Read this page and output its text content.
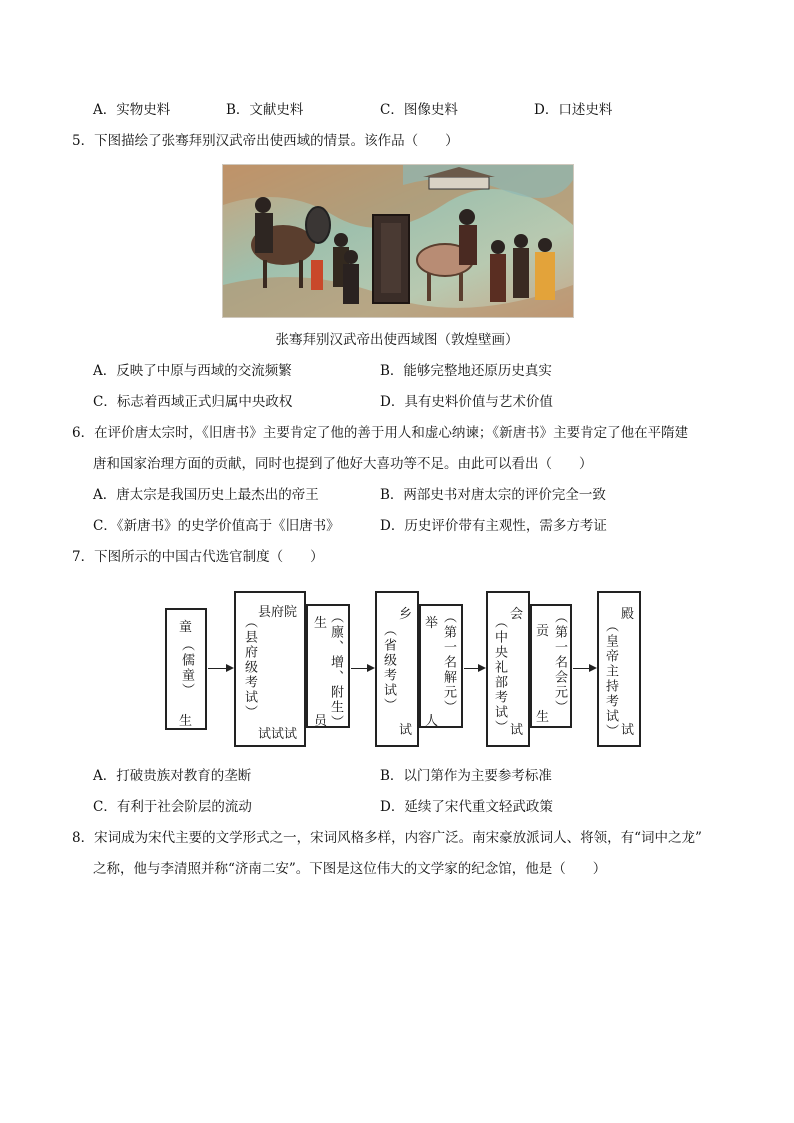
A．实物史料	B．文献史料	C．图像史料	D．口述史料
5．下图描绘了张骞拜别汉武帝出使西域的情景。该作品（　　）
张骞拜别汉武帝出使西域图（敦煌壁画）
A．反映了中原与西域的交流频繁	B．能够完整地还原历史真实
C．标志着西域正式归属中央政权	D．具有史料价值与艺术价值
6．在评价唐太宗时，《旧唐书》主要肯定了他的善于用人和虚心纳谏；《新唐书》主要肯定了他在平隋建
唐和国家治理方面的贡献，同时也提到了他好大喜功等不足。由此可以看出（　　）
A．唐太宗是我国历史上最杰出的帝王	B．两部史书对唐太宗的评价完全一致
C．《新唐书》的史学价值高于《旧唐书》	D．历史评价带有主观性，需多方考证
7．下图所示的中国古代选官制度（　　）
童
（儒童）
生
县府院
（县府级考试）
试试试
生 （廪、增、附生）
员
乡
（省级考试）
试
举 （第一名解元）
人
会
（中央礼部考试） 试
贡 （第一名会元）
生
殿
（皇帝主持考试） 试
A．打破贵族对教育的垄断	B．以门第作为主要参考标准
C．有利于社会阶层的流动	D．延续了宋代重文轻武政策
8．宋词成为宋代主要的文学形式之一，宋词风格多样，内容广泛。南宋豪放派词人、将领，有“词中之龙”
之称，他与李清照并称“济南二安”。下图是这位伟大的文学家的纪念馆，他是（　　）
